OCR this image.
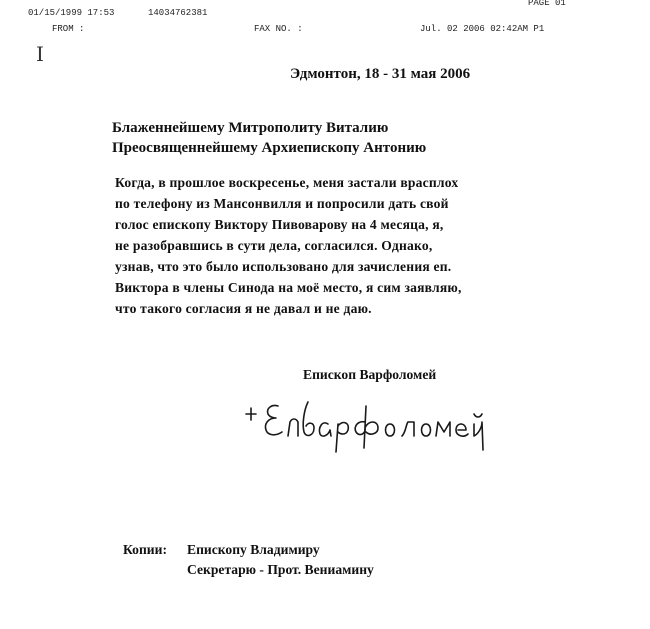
01/15/1999 17:53	14034762381
PAGE 01
FROM :	FAX NO. :	Jul. 02 2006 02:42AM P1
I
Эдмонтон, 18 - 31 мая 2006
Блаженнейшему Митрополиту Виталию
Преосвященнейшему Архиепископу Антонию
Когда, в прошлое воскресенье, меня застали врасплох
по телефону из Мансонвилля и попросили дать свой
голос епископу Виктору Пивоварову на 4 месяца, я,
не разобравшись в сути дела, согласился. Однако,
узнав, что это было использовано для зачисления еп.
Виктора в члены Синода на моё место, я сим заявляю,
что такого согласия я не давал и не даю.
Епископ Варфоломей
Копии: Епископу Владимиру
Секретарю - Прот. Вениамину
